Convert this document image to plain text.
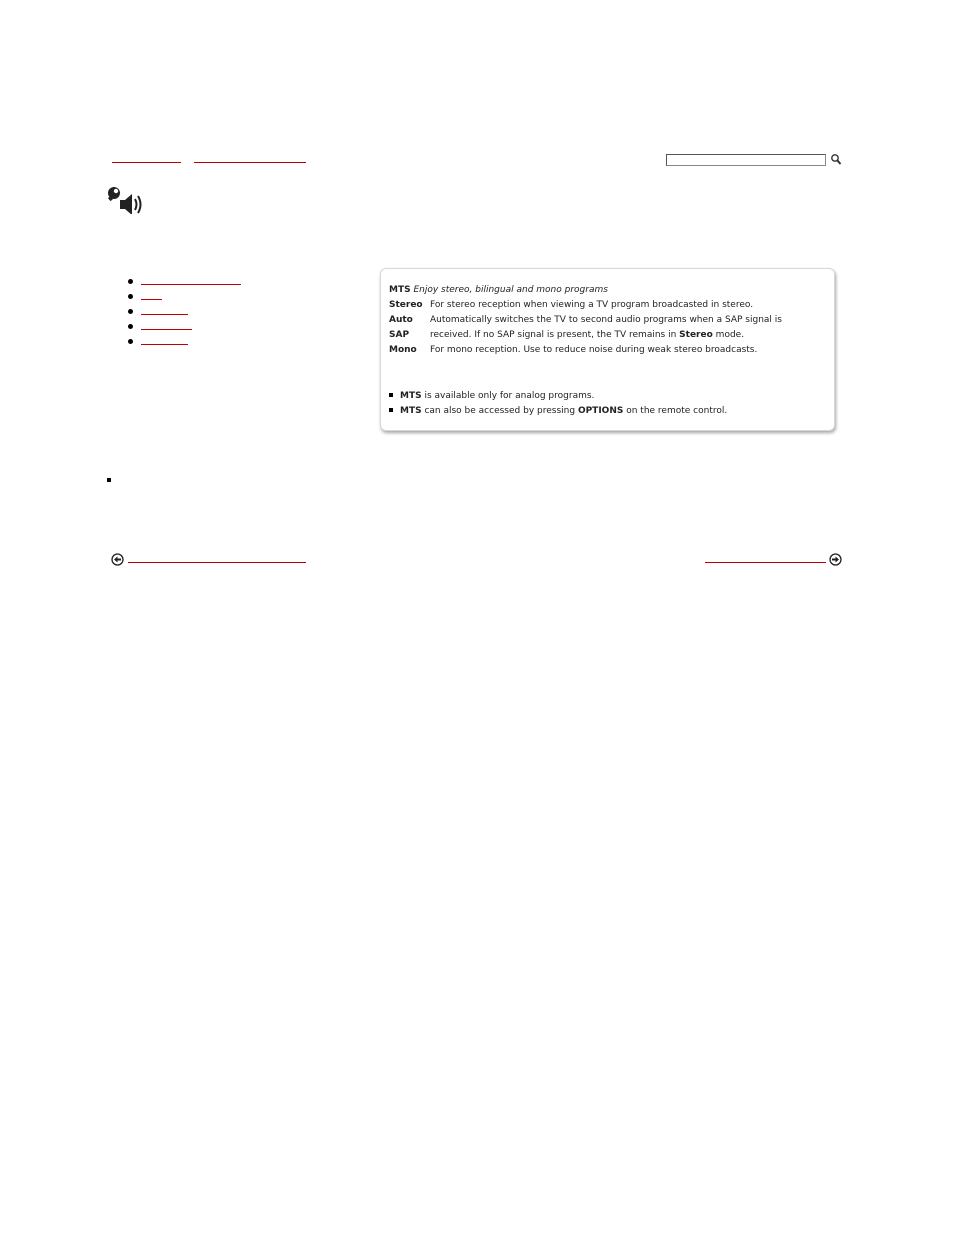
MTS Enjoy stereo, bilingual and mono programs
Stereo For stereo reception when viewing a TV program broadcasted in stereo.
Auto Automatically switches the TV to second audio programs when a SAP signal is received. If no SAP signal is present, the TV remains in Stereo mode.
SAP
Mono For mono reception. Use to reduce noise during weak stereo broadcasts.
MTS is available only for analog programs.
MTS can also be accessed by pressing OPTIONS on the remote control.
